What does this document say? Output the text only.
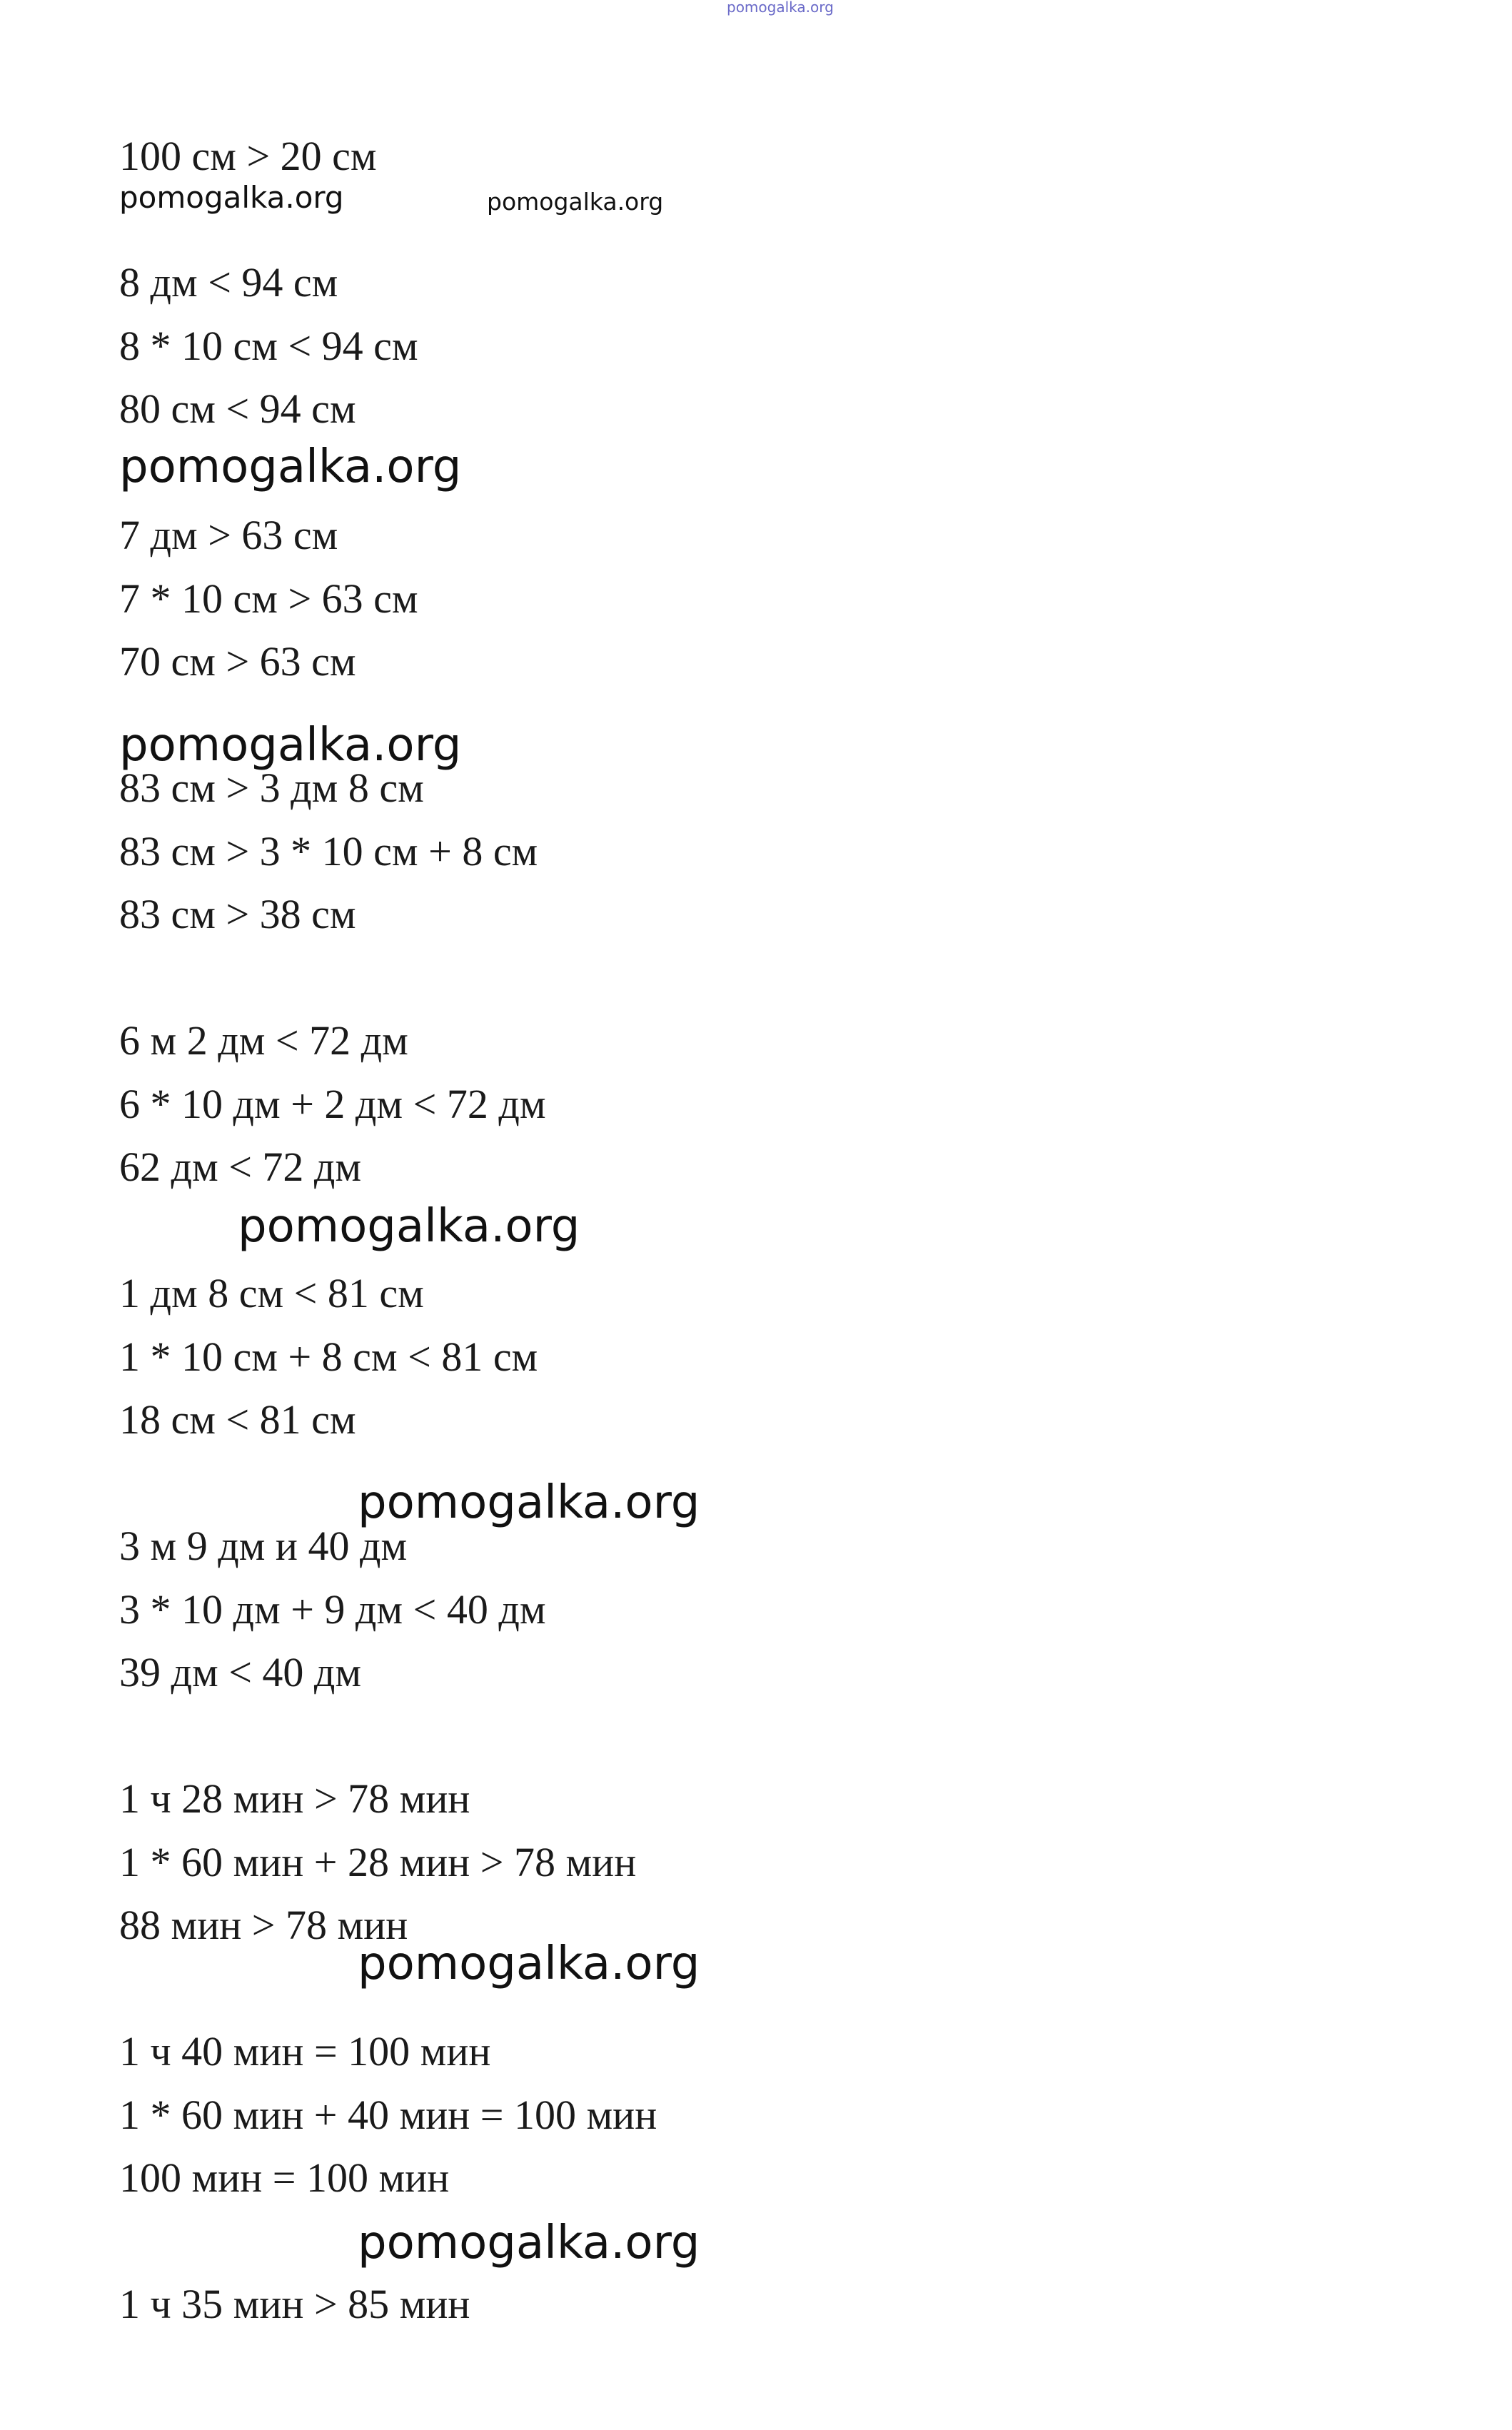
pomogalka.org
pomogalka.org	pomogalka.org
pomogalka.org
pomogalka.org
pomogalka.org
pomogalka.org
pomogalka.org
pomogalka.org

100 см > 20 см

8 дм < 94 см

8 * 10 см < 94 см

80 см < 94 см

7 дм > 63 см

7 * 10 см > 63 см

70 см > 63 см

83 см > 3 дм 8 см

83 см > 3 * 10 см + 8 см

83 см > 38 см

6 м 2 дм < 72 дм

6 * 10 дм + 2 дм < 72 дм

62 дм < 72 дм

1 дм 8 см < 81 см

1 * 10 см + 8 см < 81 см

18 см < 81 см

3 м 9 дм и 40 дм

3 * 10 дм + 9 дм < 40 дм

39 дм < 40 дм

1 ч 28 мин > 78 мин

1 * 60 мин + 28 мин > 78 мин

88 мин > 78 мин

1 ч 40 мин = 100 мин

1 * 60 мин + 40 мин = 100 мин

100 мин = 100 мин

1 ч 35 мин > 85 мин
